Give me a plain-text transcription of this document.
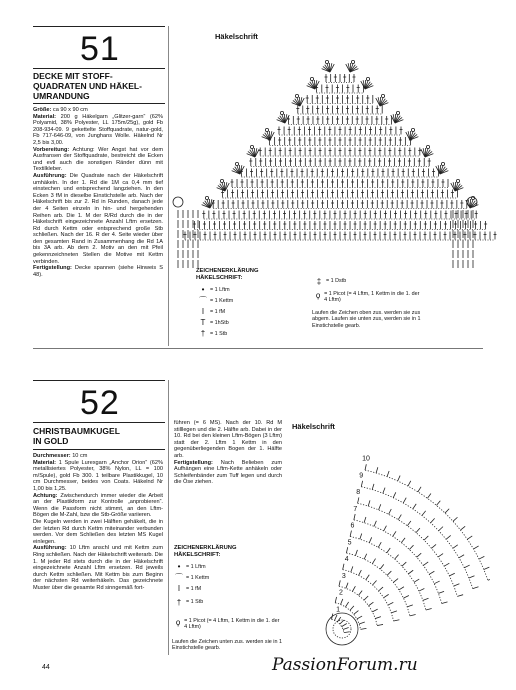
51
DECKE MIT STOFF-
QUADRATEN UND HÄKEL-
UMRANDUNG

Größe: ca 90 x 90 cm

Material: 200 g Häkelgarn „Glitzer-garn“ (62% Polyamid, 38% Polyester, LL 175m/25g), gold Fb 208-934-09. 9 gekettelte Stoffquadrate, natur-gold, Fb 717-646-09, von Junghans Wolle. Häkelnd Nr 2,5 bis 3,00.

Vorbereitung: Achtung: Wer Angst hat vor dem Ausfransen der Stoffquadrate, bestreicht die Ecken und evtl auch die sonstigen Ränder dünn mit Textilkleber.

Ausführung: Die Quadrate nach der Häkelschrift umhäkeln. In der 1. Rd die 1M ca 0,4 mm tief einstechen und entsprechend langziehen. In den Ecken 3 fM in dieselbe Einstichstelle arb. Nach der Häkelschrift bis zur 2. Rd in Runden, danach jede der 4 Seiten einzeln in hin- und hergehenden Reihen arb. Die 1. M der R/Rd durch die in der Häkelschrift eingezeichnete Anzahl Lftm ersetzen. Rd durch Kettm oder entsprechend große Stb schließen. Nach der 16. R der 4. Seite wieder über den gesamten Rand in Zusammenhang die Rd 1A bis 3A arb. Ab dem 2. Motiv an den mit Pfeil gekennzeichneten Stellen die Motive mit Kettm verbinden.

Fertigstellung: Decke spannen (siehe Hinweis S 48).

Häkelschrift
ZEICHENERKLÄRUNG
HÄKELSCHRIFT:
•	= 1 Lftm
⌒ = 1 Kettm
I	= 1 fM
T = 1hStb
† = 1 Stb
‡ = 1 Dstb
ϙ = 1 Picot (= 4 Lftm, 1 Kettm in die 1. der 4 Lftm)
Laufen die Zeichen oben zus. werden sie zus abgem. Laufen sie unten zus, werden sie in 1 Einstichstelle gearb.
52
CHRISTBAUMKUGEL
IN GOLD

Durchmesser: 10 cm

Material: 1 Spule Lurexgarn „Anchor Orion“ (62% metallisiertes Polyester, 38% Nylon, LL = 100 m/Spule), gold Fb 300. 1 teilbare Plastikkugel, 10 cm Durchmesser, beides von Coats. Häkelnd Nr 1,00 bis 1,25.

Achtung: Zwischendurch immer wieder die Arbeit an der Plastikform zur Kontrolle „anprobieren“. Wenn die Passform nicht stimmt, an den Lftm-Bögen die M-Zahl, bzw die Stb-Größe variieren.

Die Kugeln werden in zwei Hälften gehäkelt, die in der letzten Rd durch Kettm miteinander verbunden werden. Vor dem Schließen des letzten MS Kugel einlegen.

Ausführung: 10 Lftm anschl und mit Kettm zum Ring schließen. Nach der Häkelschrift weiterarb. Die 1. M jeder Rd stets durch die in der Häkelschrift eingezeichnete Anzahl Lftm ersetzen. Rd jeweils durch Kettm schließen. Mit Kettm bis zum Beginn der nächsten Rd weiterhäkeln. Das gezeichnete Muster über die gesamte Rd sinngemäß fort-

führen (= 6 MS). Nach der 10. Rd M stilllegen und die 2. Hälfte arb. Dabei in der 10. Rd bei den kleinen Lftm-Bögen (3 Lftm) statt der 2. Lftm 1 Kettm in den gegenüberliegenden Bogen der 1. Hälfte arb.

Fertigstellung: Nach Belieben zum Aufhängen eine Lftm-Kette anhäkeln oder Schleifenbänder zum Tuff legen und durch die Öse ziehen.

ZEICHENERKLÄRUNG
HÄKELSCHRIFT:
•	= 1 Lftm
⌒ = 1 Kettm
I	= 1 fM
† = 1 Stb
ϙ = 1 Picot (= 4 Lftm, 1 Kettm in die 1. der 4 Lftm)
Laufen die Zeichen unten zus. werden sie in 1 Einstichstelle gearb.
Häkelschrift
1
2
3
4
5
6
7
8
9
10
44	PassionForum.ru
